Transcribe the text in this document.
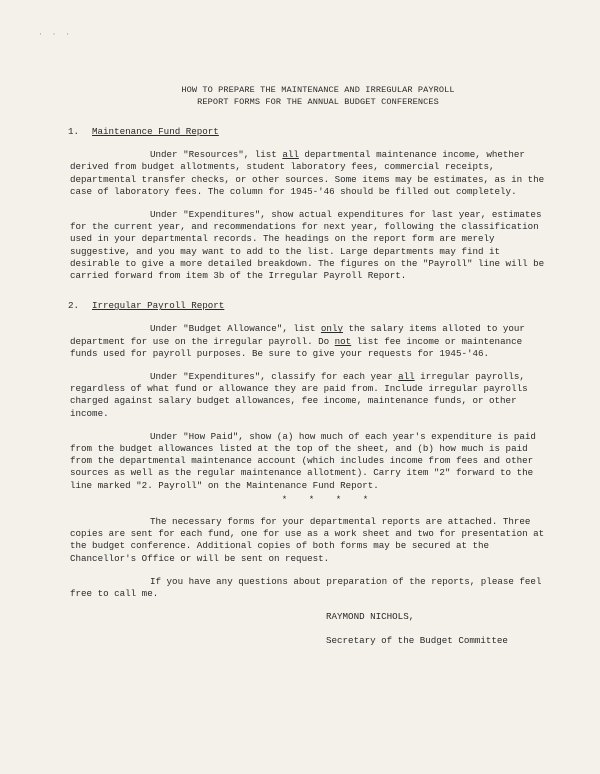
· · ·
HOW TO PREPARE THE MAINTENANCE AND IRREGULAR PAYROLL
REPORT FORMS FOR THE ANNUAL BUDGET CONFERENCES
1. Maintenance Fund Report

Under "Resources", list all departmental maintenance income, whether derived from budget allotments, student laboratory fees, commercial receipts, departmental transfer checks, or other sources. Some items may be estimates, as in the case of laboratory fees. The column for 1945-'46 should be filled out completely.

Under "Expenditures", show actual expenditures for last year, estimates for the current year, and recommendations for next year, following the classification used in your departmental records. The headings on the report form are merely suggestive, and you may want to add to the list. Large departments may find it desirable to give a more detailed breakdown. The figures on the "Payroll" line will be carried forward from item 3b of the Irregular Payroll Report.

2. Irregular Payroll Report

Under "Budget Allowance", list only the salary items alloted to your department for use on the irregular payroll. Do not list fee income or maintenance funds used for payroll purposes. Be sure to give your requests for 1945-'46.

Under "Expenditures", classify for each year all irregular payrolls, regardless of what fund or allowance they are paid from. Include irregular payrolls charged against salary budget allowances, fee income, maintenance funds, or other income.

Under "How Paid", show (a) how much of each year's expenditure is paid from the budget allowances listed at the top of the sheet, and (b) how much is paid from the departmental maintenance account (which includes income from fees and other sources as well as the regular maintenance allotment). Carry item "2" forward to the line marked "2. Payroll" on the Maintenance Fund Report.

* * * *

The necessary forms for your departmental reports are attached. Three copies are sent for each fund, one for use as a work sheet and two for presentation at the budget conference. Additional copies of both forms may be secured at the Chancellor's Office or will be sent on request.

If you have any questions about preparation of the reports, please feel free to call me.

RAYMOND NICHOLS,
Secretary of the Budget Committee
